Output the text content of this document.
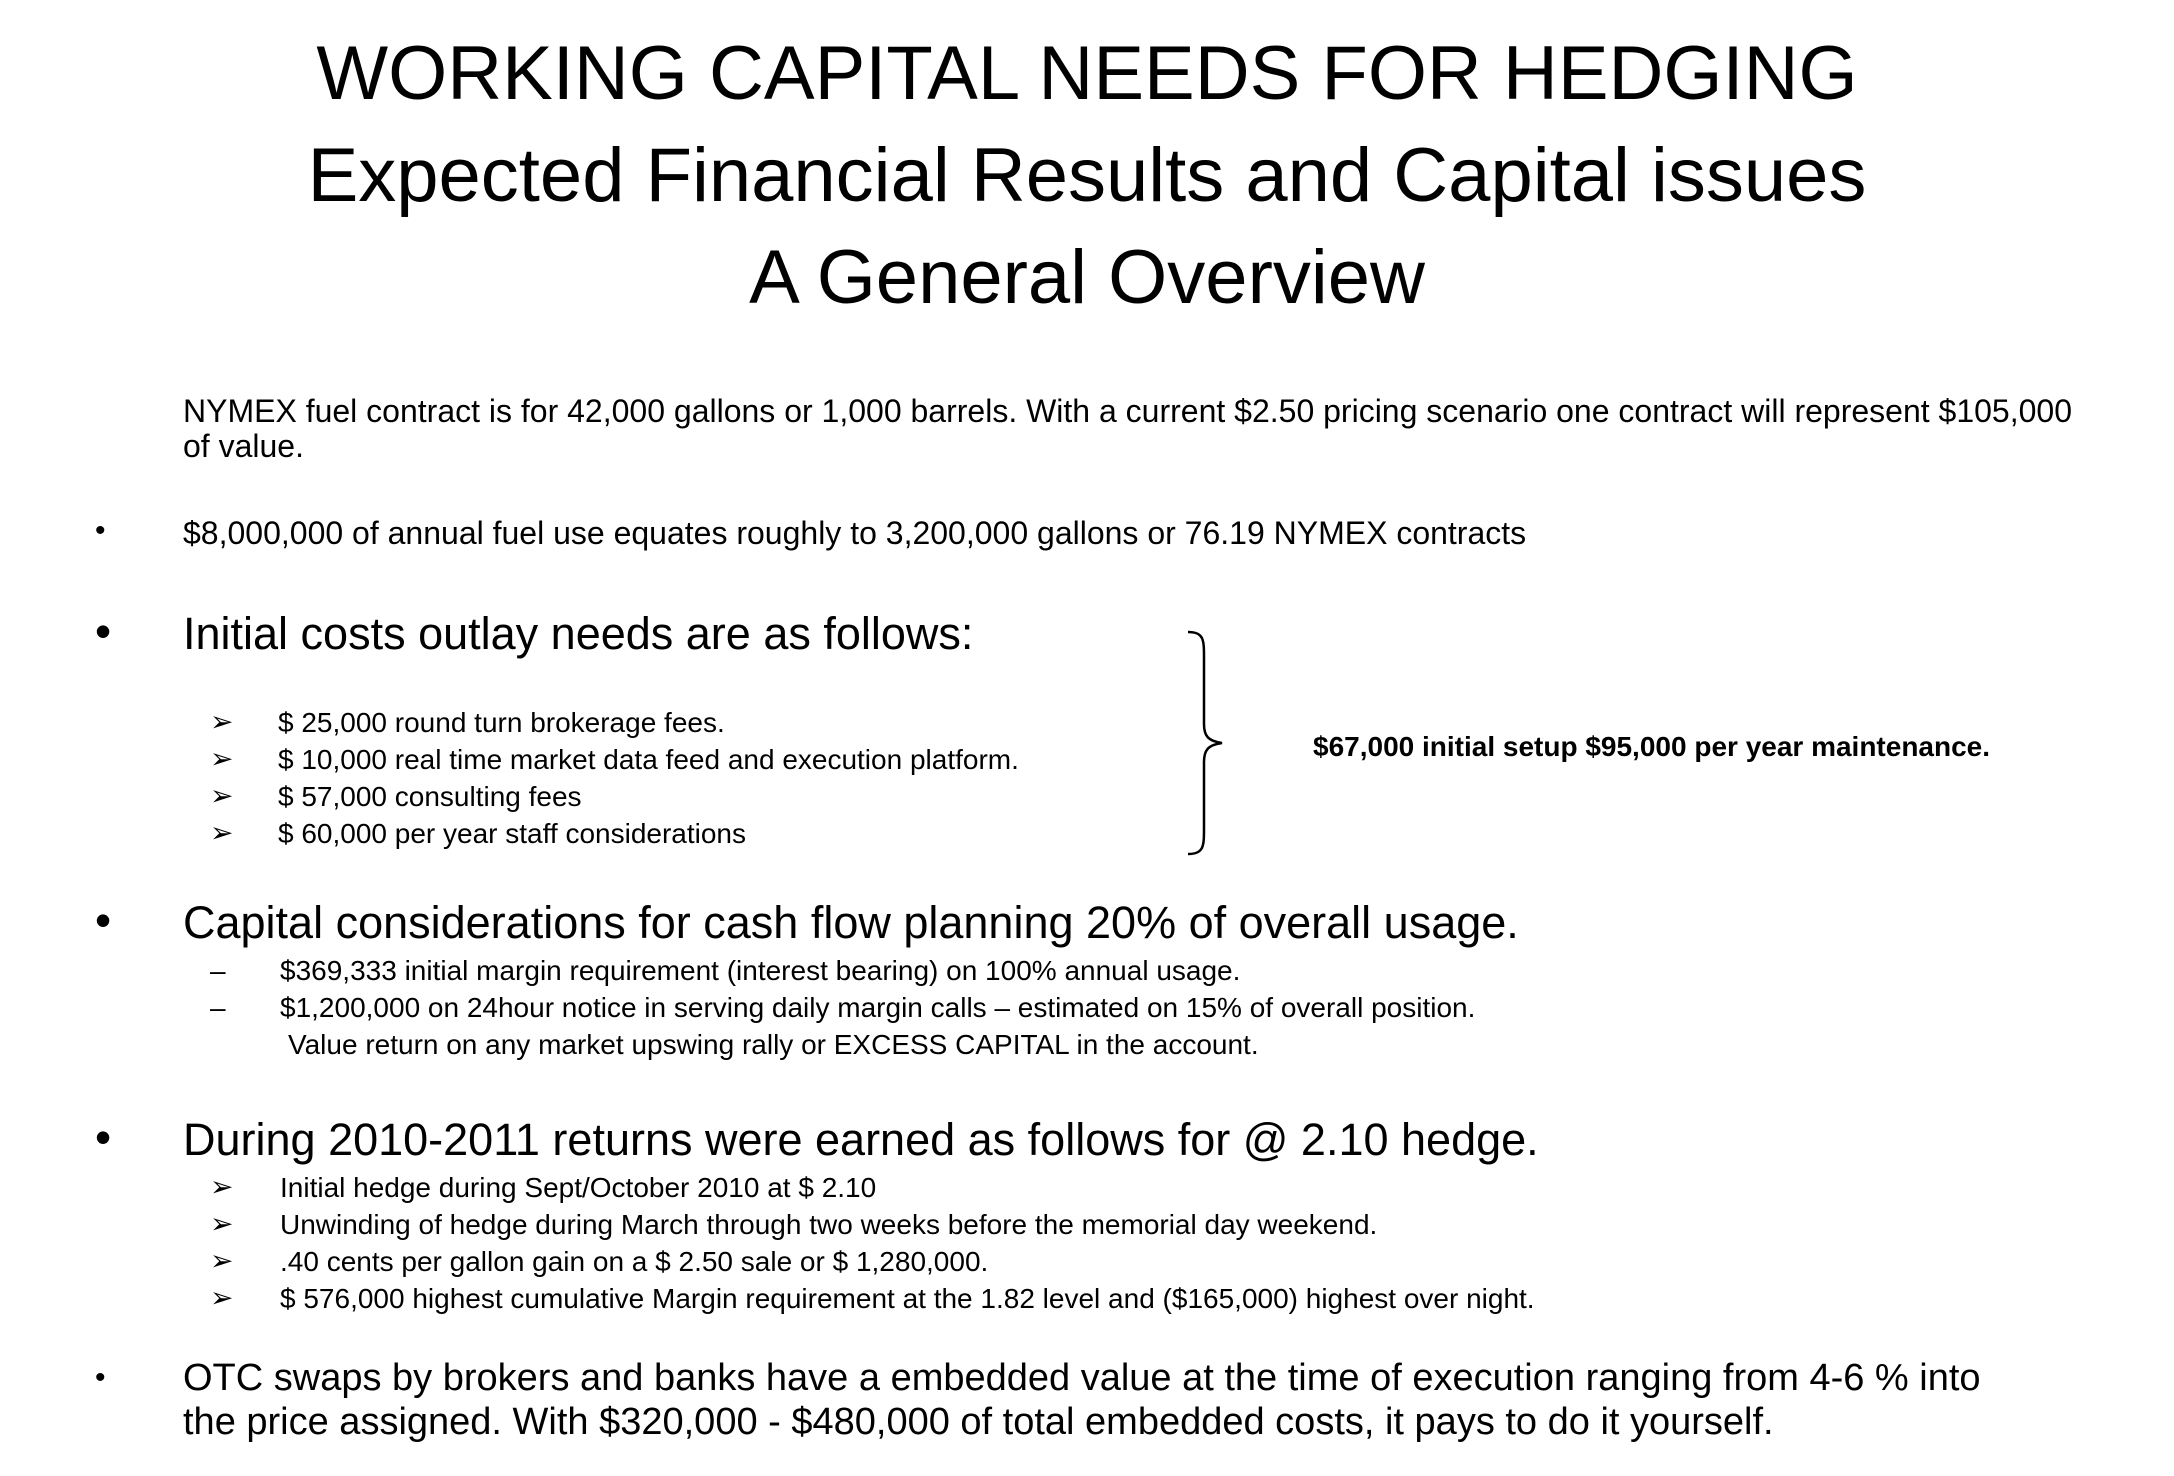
WORKING CAPITAL NEEDS FOR HEDGING
Expected Financial Results and Capital issues
A General Overview
NYMEX fuel contract is for 42,000 gallons or 1,000 barrels. With a current $2.50 pricing scenario one contract will represent $105,000 of value.
• $8,000,000 of annual fuel use equates roughly to 3,200,000 gallons or 76.19 NYMEX contracts
• Initial costs outlay needs are as follows:
➢ $ 25,000 round turn brokerage fees.
➢ $ 10,000 real time market data feed and execution platform.
➢ $ 57,000 consulting fees
➢ $ 60,000 per year staff considerations
$67,000 initial setup $95,000 per year maintenance.
• Capital considerations for cash flow planning 20% of overall usage.
– $369,333 initial margin requirement (interest bearing) on 100% annual usage.
– $1,200,000 on 24hour notice in serving daily margin calls – estimated on 15% of overall position.
Value return on any market upswing rally or EXCESS CAPITAL in the account.
• During 2010-2011 returns were earned as follows for @ 2.10 hedge.
➢ Initial hedge during Sept/October 2010 at $ 2.10
➢ Unwinding of hedge during March through two weeks before the memorial day weekend.
➢ .40 cents per gallon gain on a $ 2.50 sale or $ 1,280,000.
➢ $ 576,000 highest cumulative Margin requirement at the 1.82 level and ($165,000) highest over night.
• OTC swaps by brokers and banks have a embedded value at the time of execution ranging from 4-6 % into
the price assigned. With $320,000 - $480,000 of total embedded costs, it pays to do it yourself.
